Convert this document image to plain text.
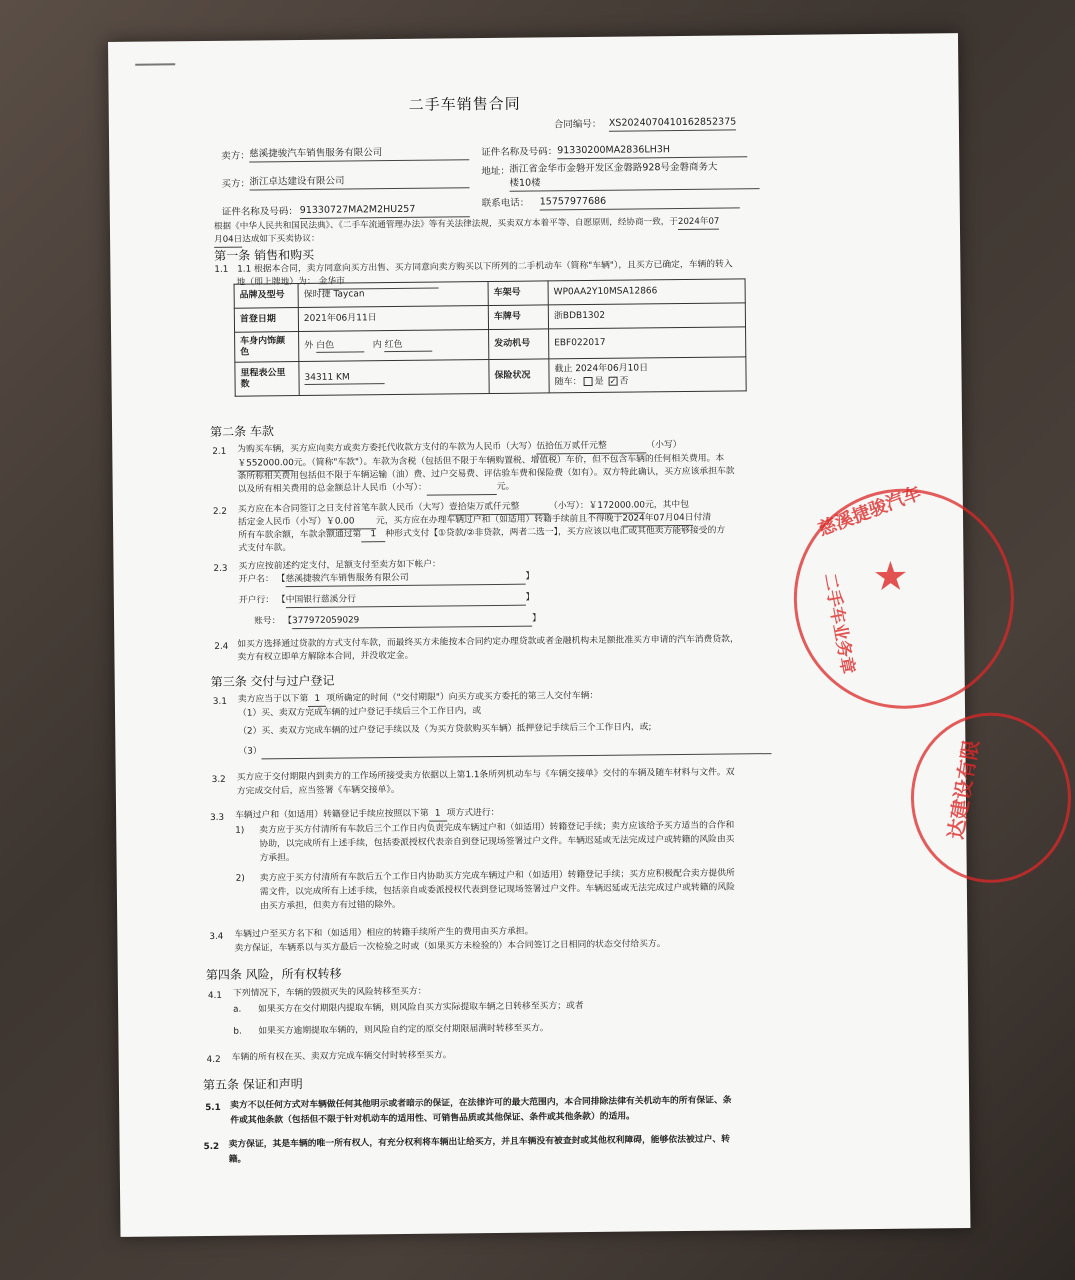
二手车销售合同
合同编号： XS2024070410162852375
卖方： 慈溪捷骏汽车销售服务有限公司	证件名称及号码： 91330200MA2836LH3H
买方： 浙江卓达建设有限公司
地址： 浙江省金华市金磐开发区金磐路928号金磐商务大
楼10楼
证件名称及号码： 91330727MA2M2HU257
联系电话： 15757977686
根据《中华人民共和国民法典》、《二手车流通管理办法》等有关法律法规，买卖双方本着平等、自愿原则，经协商一致，于2024年07
月04日达成如下买卖协议：
第一条 销售和购买
1.1　1.1 根据本合同，卖方同意向买方出售、买方同意向卖方购买以下所列的二手机动车（简称"车辆"），且买方已确定，车辆的转入
地（即上牌地）为： 金华市
品牌及型号	保时捷 Taycan	车架号	WP0AA2Y10MSA12866
首登日期	2021年06月11日	车牌号	浙BDB1302
车身内饰颜色	外 白色 内 红色	发动机号	EBF022017
里程表公里数	34311 KM	保险状况	截止 2024年06月10日
随车： 是 ✓ 否
第二条 车款
2.1 为购买车辆，买方应向卖方或卖方委托代收款方支付的车款为人民币（大写）伍拾伍万贰仟元整	（小写）
￥552000.00元。（简称"车款"）。车款为含税（包括但不限于车辆购置税、增值税）车价，但不包含车辆的任何相关费用。本
条所称相关费用包括但不限于车辆运输（油）费、过户交易费、评估验车费和保险费（如有）。双方特此确认，买方应该承担车款
以及所有相关费用的总金额总计人民币（小写）：	元。
2.2 买方应在本合同签订之日支付首笔车款人民币（大写）壹拾柒万贰仟元整	（小写）：￥172000.00元，其中包
括定金人民币（小写）￥0.00 元，买方应在办理车辆过户和（如适用）转籍手续前且不得晚于2024年07月04日付清
所有车款余额，车款余额通过第 1 种形式支付【①贷款/②非贷款，两者二选一】，买方应该以电汇或其他卖方能够接受的方
式支付车款。
2.3 买方应按前述约定支付，足额支付至卖方如下帐户：
开户名： 【慈溪捷骏汽车销售服务有限公司	】
开户行： 【中国银行慈溪分行	】
账号： 【377972059029	】
2.4 如买方选择通过贷款的方式支付车款，而最终买方未能按本合同约定办理贷款或者金融机构未足额批准买方申请的汽车消费贷款，
卖方有权立即单方解除本合同，并没收定金。
第三条 交付与过户登记
3.1 卖方应当于以下第 1 项所确定的时间（"交付期限"）向买方或买方委托的第三人交付车辆：
（1）买、卖双方完成车辆的过户登记手续后三个工作日内，或
（2）买、卖双方完成车辆的过户登记手续以及（为买方贷款购买车辆）抵押登记手续后三个工作日内，或;
（3）
3.2 买方应于交付期限内到卖方的工作场所接受卖方依据以上第1.1条所列机动车与《车辆交接单》交付的车辆及随车材料与文件。双
方完成交付后，应当签署《车辆交接单》。
3.3 车辆过户和（如适用）转籍登记手续应按照以下第 1 项方式进行：
1) 卖方应于买方付清所有车款后三个工作日内负责完成车辆过户和（如适用）转籍登记手续；卖方应该给予买方适当的合作和
协助，以完成所有上述手续，包括委派授权代表亲自到登记现场签署过户文件。车辆迟延或无法完成过户或转籍的风险由买
方承担。
2) 卖方应于买方付清所有车款后五个工作日内协助买方完成车辆过户和（如适用）转籍登记手续；买方应积极配合卖方提供所
需文件，以完成所有上述手续，包括亲自或委派授权代表到登记现场签署过户文件。车辆迟延或无法完成过户或转籍的风险
由买方承担，但卖方有过错的除外。
3.4 车辆过户至买方名下和（如适用）相应的转籍手续所产生的费用由买方承担。
卖方保证，车辆系以与买方最后一次检验之时或（如果买方未检验的）本合同签订之日相同的状态交付给买方。
第四条 风险，所有权转移
4.1 下列情况下，车辆的毁损灭失的风险转移至买方：
a. 如果买方在交付期限内提取车辆，则风险自买方实际提取车辆之日转移至买方；或者
b. 如果买方逾期提取车辆的，则风险自约定的原交付期限届满时转移至买方。
4.2 车辆的所有权在买、卖双方完成车辆交付时转移至买方。
第五条 保证和声明
5.1 卖方不以任何方式对车辆做任何其他明示或者暗示的保证，在法律许可的最大范围内，本合同排除法律有关机动车的所有保证、条
件或其他条款（包括但不限于针对机动车的适用性、可销售品质或其他保证、条件或其他条款）的适用。
5.2 卖方保证，其是车辆的唯一所有权人，有充分权利将车辆出让给买方，并且车辆没有被查封或其他权利障碍，能够依法被过户、转
籍。
★
慈溪捷骏汽车
二手车业务章
达建设有限
